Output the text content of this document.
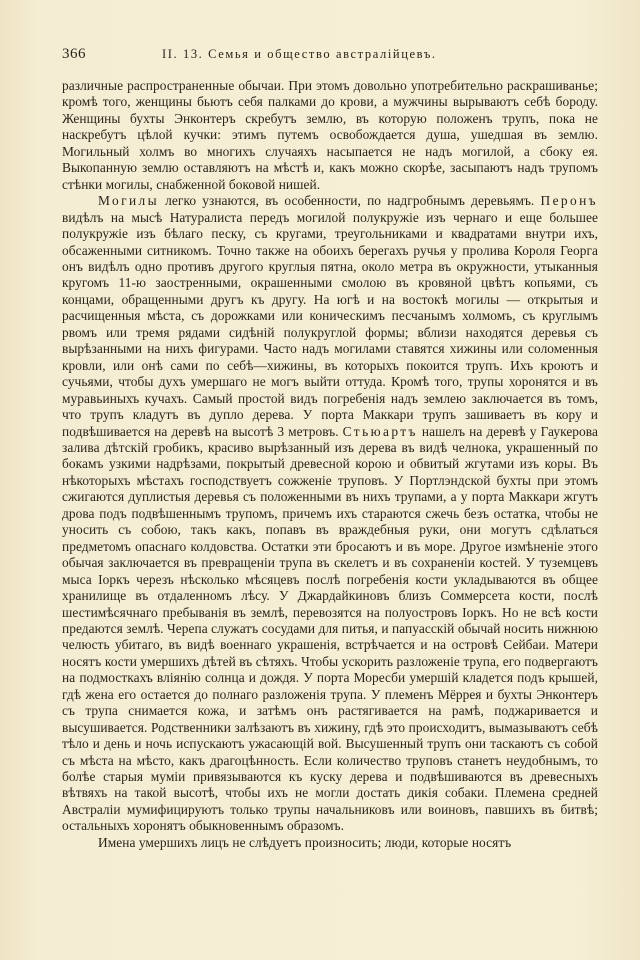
366	II. 13. Семья и общество австралійцевъ.

различные распространенные обычаи. При этомъ довольно употребительно раскрашиванье; кромѣ того, женщины бьютъ себя палками до крови, а мужчины вырываютъ себѣ бороду. Женщины бухты Энконтеръ скребутъ землю, въ которую положенъ трупъ, пока не наскребутъ цѣлой кучки: этимъ путемъ освобождается душа, ушедшая въ землю. Могильный холмъ во многихъ случаяхъ насыпается не надъ могилой, а сбоку ея. Выкопанную землю оставляютъ на мѣстѣ и, какъ можно скорѣе, засыпаютъ надъ трупомъ стѣнки могилы, снабженной боковой нишей.

Могилы легко узнаются, въ особенности, по надгробнымъ деревьямъ. Перонъ видѣлъ на мысѣ Натуралиста передъ могилой полукружіе изъ чернаго и еще большее полукружіе изъ бѣлаго песку, съ кругами, треугольниками и квадратами внутри ихъ, обсаженными ситникомъ. Точно также на обоихъ берегахъ ручья у пролива Короля Георга онъ видѣлъ одно противъ другого круглыя пятна, около метра въ окружности, утыканныя кругомъ 11-ю заостренными, окрашенными смолою въ кровяной цвѣтъ копьями, съ концами, обращенными другъ къ другу. На югѣ и на востокѣ могилы — открытыя и расчищенныя мѣста, съ дорожками или коническимъ песчанымъ холмомъ, съ круглымъ рвомъ или тремя рядами сидѣній полукруглой формы; вблизи находятся деревья съ вырѣзанными на нихъ фигурами. Часто надъ могилами ставятся хижины или соломенныя кровли, или онѣ сами по себѣ—хижины, въ которыхъ покоится трупъ. Ихъ кроютъ и сучьями, чтобы духъ умершаго не могъ выйти оттуда. Кромѣ того, трупы хоронятся и въ муравьиныхъ кучахъ. Самый простой видъ погребенія надъ землею заключается въ томъ, что трупъ кладутъ въ дупло дерева. У порта Маккари трупъ зашиваетъ въ кору и подвѣшивается на деревѣ на высотѣ 3 метровъ. Стьюартъ нашелъ на деревѣ у Гаукерова залива дѣтскій гробикъ, красиво вырѣзанный изъ дерева въ видѣ челнока, украшенный по бокамъ узкими надрѣзами, покрытый древесной корою и обвитый жгутами изъ коры. Въ нѣкоторыхъ мѣстахъ господствуетъ сожженіе труповъ. У Портлэндской бухты при этомъ сжигаются дуплистыя деревья съ положенными въ нихъ трупами, а у порта Маккари жгутъ дрова подъ подвѣшеннымъ трупомъ, причемъ ихъ стараются сжечь безъ остатка, чтобы не уносить съ собою, такъ какъ, попавъ въ враждебныя руки, они могутъ сдѣлаться предметомъ опаснаго колдовства. Остатки эти бросаютъ и въ море. Другое измѣненіе этого обычая заключается въ превращеніи трупа въ скелетъ и въ сохраненіи костей. У туземцевъ мыса Іоркъ черезъ нѣсколько мѣсяцевъ послѣ погребенія кости укладываются въ общее хранилище въ отдаленномъ лѣсу. У Джардайкиновъ близъ Соммерсета кости, послѣ шестимѣсячнаго пребыванія въ землѣ, перевозятся на полуостровъ Іоркъ. Но не всѣ кости предаются землѣ. Черепа служатъ сосудами для питья, и папуасскій обычай носить нижнюю челюсть убитаго, въ видѣ военнаго украшенія, встрѣчается и на островѣ Сейбаи. Матери носятъ кости умершихъ дѣтей въ сѣтяхъ. Чтобы ускорить разложеніе трупа, его подвергаютъ на подмосткахъ вліянію солнца и дождя. У порта Моресби умершій кладется подъ крышей, гдѣ жена его остается до полнаго разложенія трупа. У племенъ Мёррея и бухты Энконтеръ съ трупа снимается кожа, и затѣмъ онъ растягивается на рамѣ, поджаривается и высушивается. Родственники залѣзаютъ въ хижину, гдѣ это происходитъ, вымазываютъ себѣ тѣло и день и ночь испускаютъ ужасающій вой. Высушенный трупъ они таскаютъ съ собой съ мѣста на мѣсто, какъ драгоцѣнность. Если количество труповъ станетъ неудобнымъ, то болѣе старыя муміи привязываются къ куску дерева и подвѣшиваются въ древесныхъ вѣтвяхъ на такой высотѣ, чтобы ихъ не могли достать дикія собаки. Племена средней Австраліи мумифицируютъ только трупы начальниковъ или воиновъ, павшихъ въ битвѣ; остальныхъ хоронятъ обыкновеннымъ образомъ.

Имена умершихъ лицъ не слѣдуетъ произносить; люди, которые носятъ
